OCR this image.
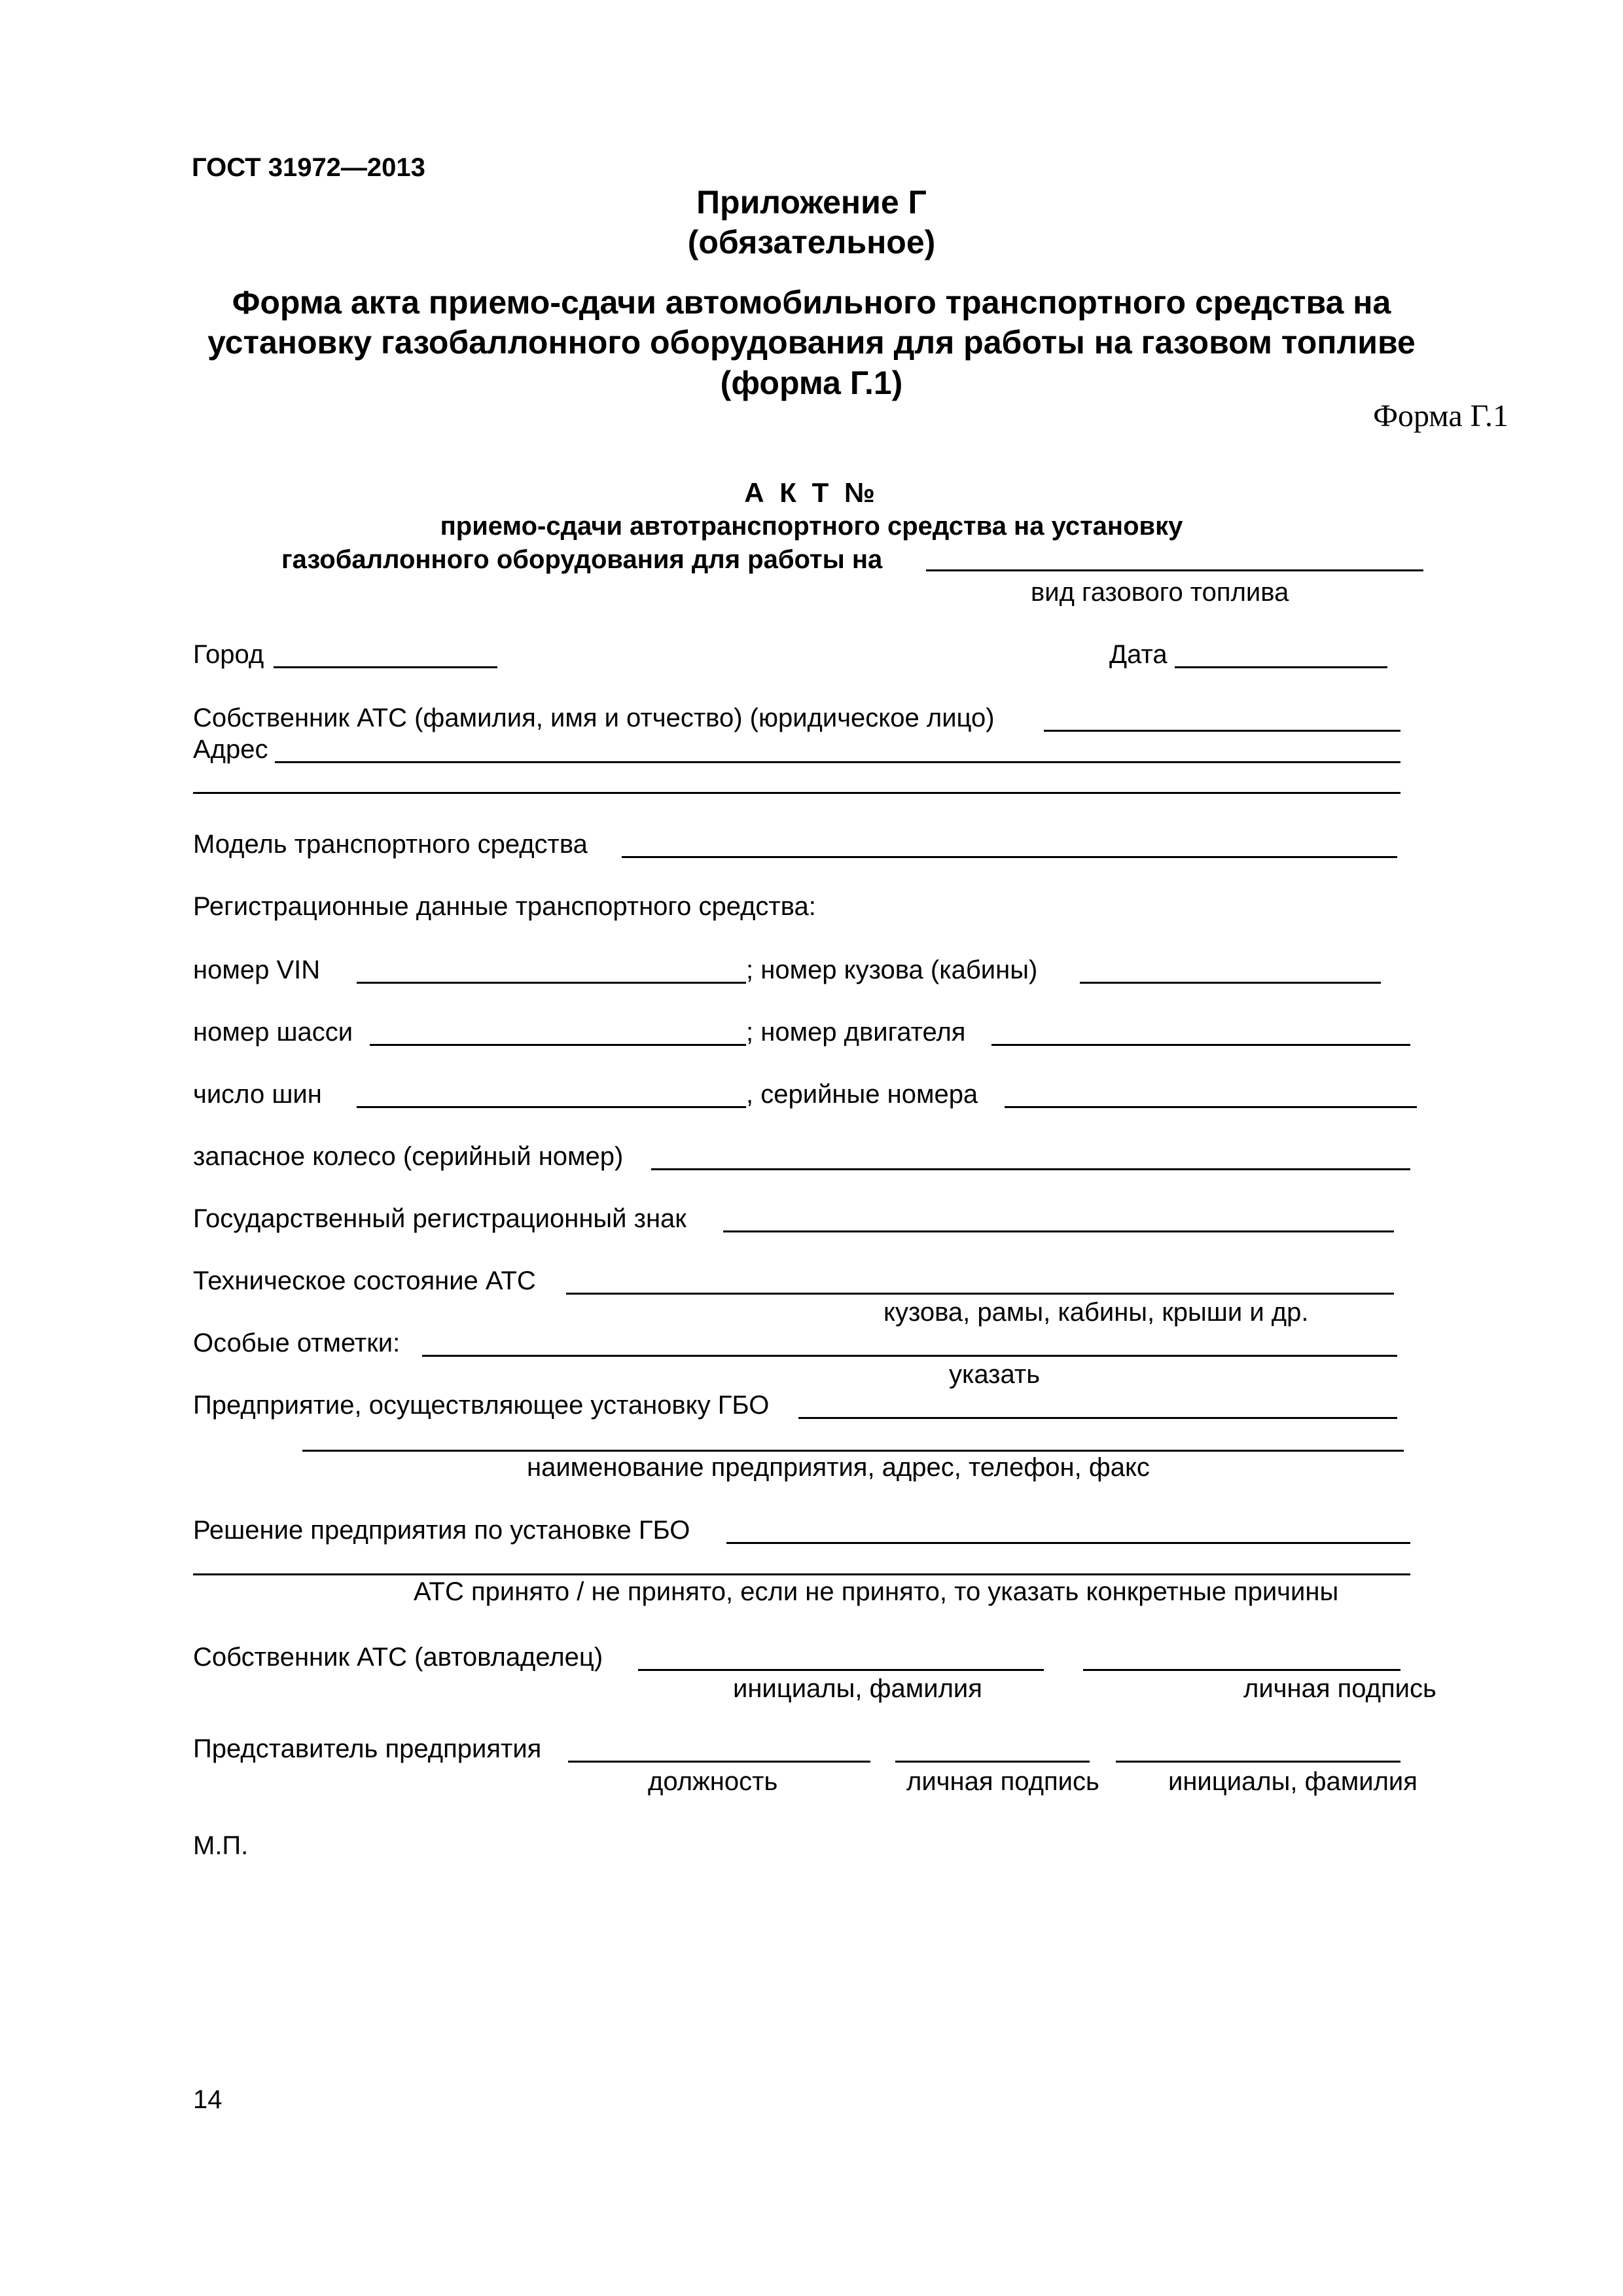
ГОСТ 31972—2013
Приложение Г
(обязательное)
Форма акта приемо-сдачи автомобильного транспортного средства на
установку газобаллонного оборудования для работы на газовом топливе
(форма Г.1)
Форма Г.1
А К Т №
приемо-сдачи автотранспортного средства на установку
газобаллонного оборудования для работы на
вид газового топлива
Город	Дата
Собственник АТС (фамилия, имя и отчество) (юридическое лицо)
Адрес
Модель транспортного средства
Регистрационные данные транспортного средства:
номер VIN	; номер кузова (кабины)
номер шасси	; номер двигателя
число шин	, серийные номера
запасное колесо (серийный номер)
Государственный регистрационный знак
Техническое состояние АТС
кузова, рамы, кабины, крыши и др.
Особые отметки:
указать
Предприятие, осуществляющее установку ГБО
наименование предприятия, адрес, телефон, факс
Решение предприятия по установке ГБО
АТС принято / не принято, если не принято, то указать конкретные причины
Собственник АТС (автовладелец)
инициалы, фамилия	личная подпись
Представитель предприятия
должность	личная подпись	инициалы, фамилия
М.П.
14
